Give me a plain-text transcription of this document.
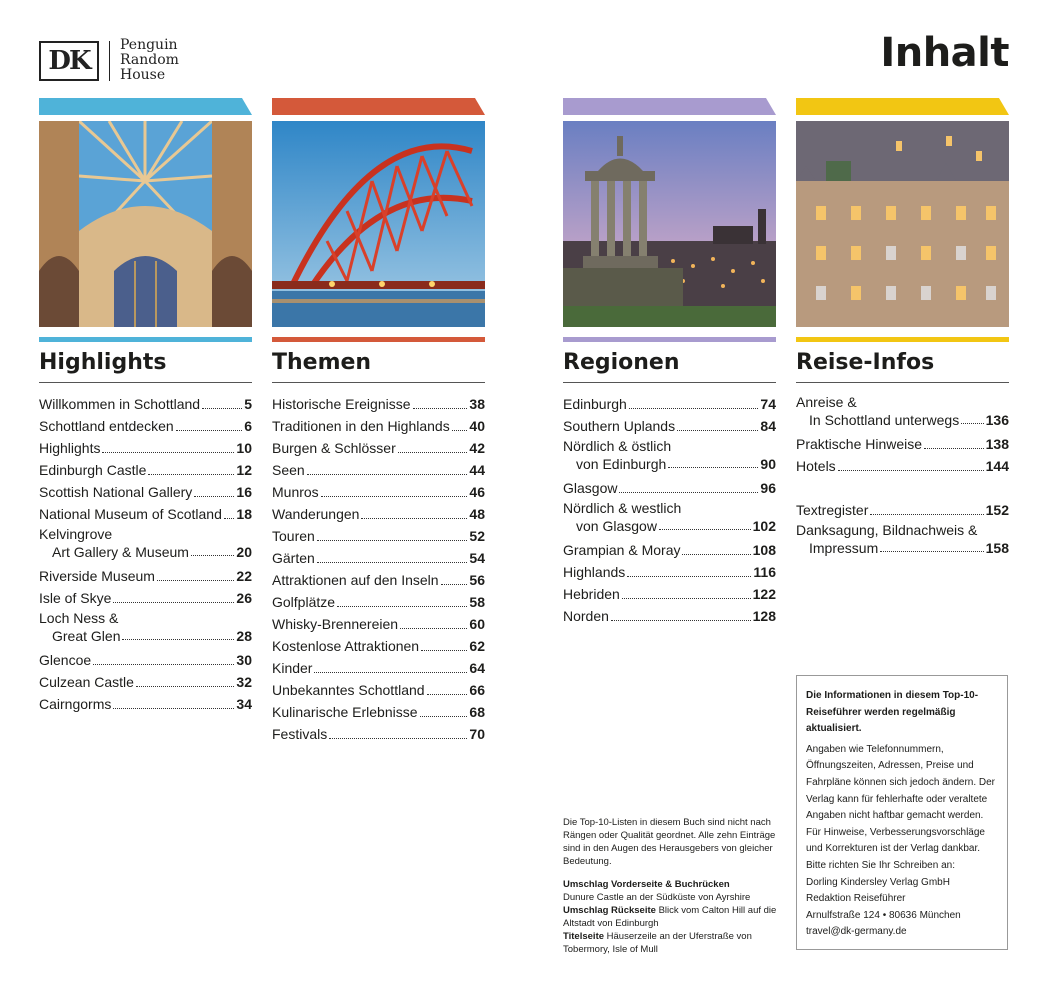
DK
Penguin
Random
House	Inhalt
Highlights
Willkommen in Schottland	5
Schottland entdecken	6
Highlights	10
Edinburgh Castle	12
Scottish National Gallery	16
National Museum of Scotland 18
Kelvingrove
Art Gallery & Museum	20
Riverside Museum	22
Isle of Skye	26
Loch Ness &
Great Glen	28
Glencoe	30
Culzean Castle	32
Cairngorms	34
Themen
Historische Ereignisse	38
Traditionen in den Highlands 40
Burgen & Schlösser	42
Seen	44
Munros	46
Wanderungen	48
Touren	52
Gärten	54
Attraktionen auf den Inseln 56
Golfplätze	58
Whisky-Brennereien	60
Kostenlose Attraktionen	62
Kinder	64
Unbekanntes Schottland	66
Kulinarische Erlebnisse	68
Festivals	70
Regionen
Edinburgh	74
Southern Uplands	84
Nördlich & östlich
von Edinburgh	90
Glasgow	96
Nördlich & westlich
von Glasgow	102
Grampian & Moray	108
Highlands	116
Hebriden	122
Norden	128
Reise-Infos
Anreise &
In Schottland unterwegs 136
Praktische Hinweise	138
Hotels	144
Textregister	152
Danksagung, Bildnachweis &
Impressum	158
Die Top-10-Listen in diesem Buch sind nicht nach Rängen oder Qualität geordnet. Alle zehn Einträge sind in den Augen des Herausgebers von gleicher Bedeutung.
Umschlag Vorderseite & Buchrücken
Dunure Castle an der Südküste von Ayrshire
Umschlag Rückseite Blick vom Calton Hill auf die Altstadt von Edinburgh
Titelseite Häuserzeile an der Uferstraße von Tobermory, Isle of Mull
Die Informationen in diesem Top-10-Reiseführer werden regelmäßig aktualisiert.
Angaben wie Telefonnummern, Öffnungszeiten, Adressen, Preise und Fahrpläne können sich jedoch ändern. Der Verlag kann für fehlerhafte oder veraltete Angaben nicht haftbar gemacht werden. Für Hinweise, Verbesserungsvorschläge und Korrekturen ist der Verlag dankbar.
Bitte richten Sie Ihr Schreiben an:
Dorling Kindersley Verlag GmbH
Redaktion Reiseführer
Arnulfstraße 124 • 80636 München
travel@dk-germany.de
